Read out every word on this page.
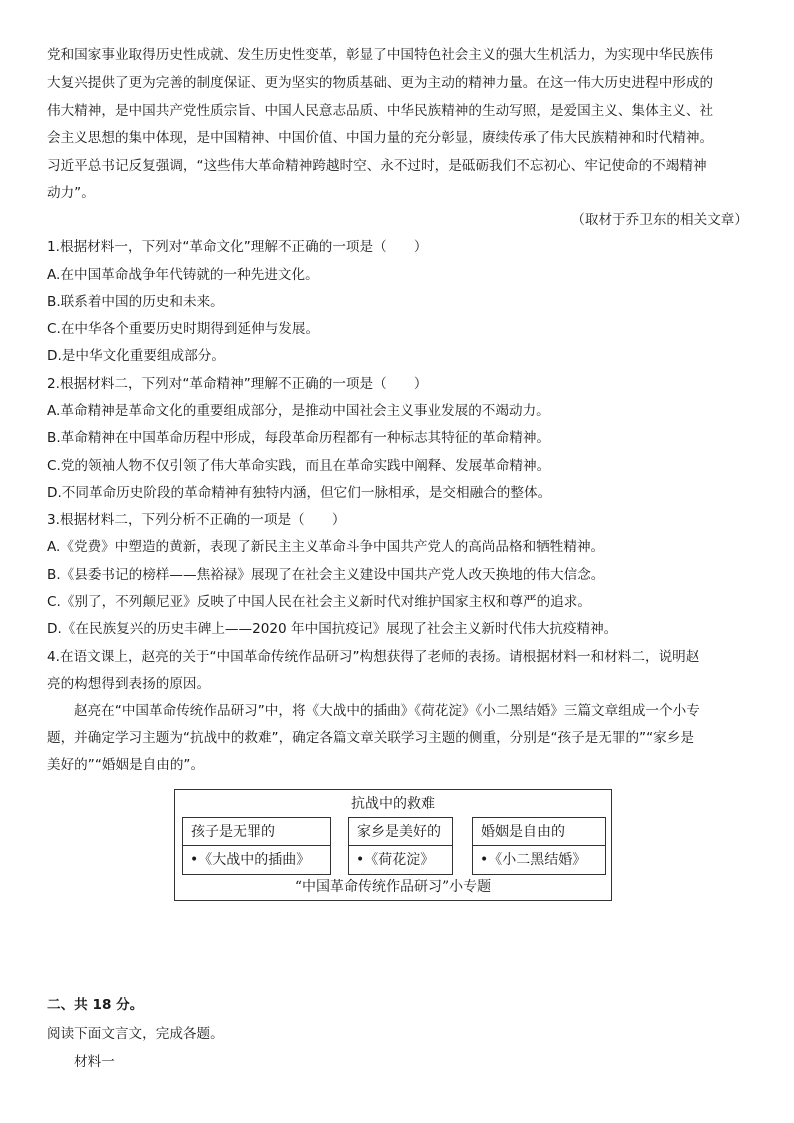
党和国家事业取得历史性成就、发生历史性变革，彰显了中国特色社会主义的强大生机活力，为实现中华民族伟
大复兴提供了更为完善的制度保证、更为坚实的物质基础、更为主动的精神力量。在这一伟大历史进程中形成的
伟大精神，是中国共产党性质宗旨、中国人民意志品质、中华民族精神的生动写照，是爱国主义、集体主义、社
会主义思想的集中体现，是中国精神、中国价值、中国力量的充分彰显，赓续传承了伟大民族精神和时代精神。
习近平总书记反复强调，“这些伟大革命精神跨越时空、永不过时，是砥砺我们不忘初心、牢记使命的不竭精神
动力”。
（取材于乔卫东的相关文章）
1.根据材料一，下列对“革命文化”理解不正确的一项是（　　）
A.在中国革命战争年代铸就的一种先进文化。
B.联系着中国的历史和未来。
C.在中华各个重要历史时期得到延伸与发展。
D.是中华文化重要组成部分。
2.根据材料二，下列对“革命精神”理解不正确的一项是（　　）
A.革命精神是革命文化的重要组成部分，是推动中国社会主义事业发展的不竭动力。
B.革命精神在中国革命历程中形成，每段革命历程都有一种标志其特征的革命精神。
C.党的领袖人物不仅引领了伟大革命实践，而且在革命实践中阐释、发展革命精神。
D.不同革命历史阶段的革命精神有独特内涵，但它们一脉相承，是交相融合的整体。
3.根据材料二，下列分析不正确的一项是（　　）
A.《党费》中塑造的黄新，表现了新民主主义革命斗争中国共产党人的高尚品格和牺牲精神。
B.《县委书记的榜样——焦裕禄》展现了在社会主义建设中国共产党人改天换地的伟大信念。
C.《别了，不列颠尼亚》反映了中国人民在社会主义新时代对维护国家主权和尊严的追求。
D.《在民族复兴的历史丰碑上——2020 年中国抗疫记》展现了社会主义新时代伟大抗疫精神。
4.在语文课上，赵亮的关于“中国革命传统作品研习”构想获得了老师的表扬。请根据材料一和材料二，说明赵
亮的构想得到表扬的原因。
赵亮在“中国革命传统作品研习”中，将《大战中的插曲》《荷花淀》《小二黑结婚》三篇文章组成一个小专
题，并确定学习主题为“抗战中的救难”，确定各篇文章关联学习主题的侧重，分别是“孩子是无罪的”“家乡是
美好的”“婚姻是自由的”。
抗战中的救难
孩子是无罪的
•《大战中的插曲》
家乡是美好的
•《荷花淀》
婚姻是自由的
•《小二黑结婚》
“中国革命传统作品研习”小专题
二、共 18 分。
阅读下面文言文，完成各题。
材料一
